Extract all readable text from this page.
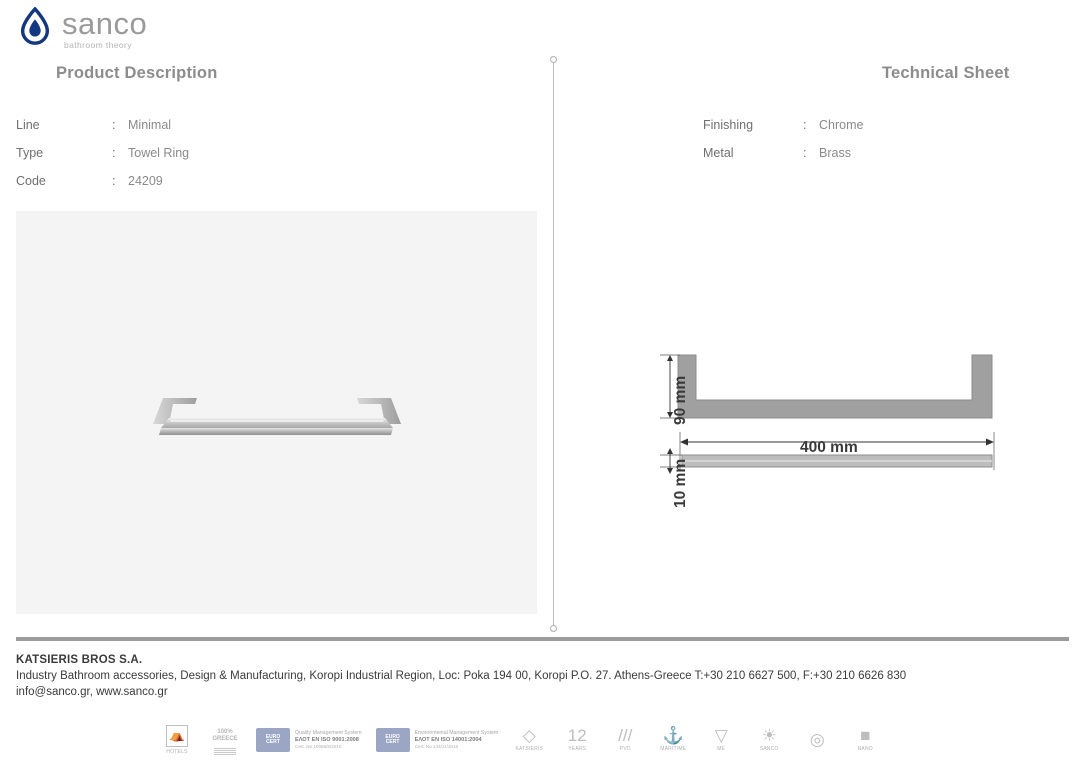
sanco
bathroom theory
Product Description	Technical Sheet
Line	:	Minimal
Type	:	Towel Ring
Code	:	24209
Finishing	:	Chrome
Metal	:	Brass
90 mm
10 mm
400 mm
KATSIERIS BROS S.A.
Industry Bathroom accessories, Design & Manufacturing, Koropi Industrial Region, Loc: Poka 194 00, Koropi P.O. 27. Athens-Greece T:+30 210 6627 500, F:+30 210 6626 830
info@sanco.gr, www.sanco.gr
⛺
HOTELS
100%
GREECE	EURO
CERT
Quality Management System
EΛΟΤ EN ISO 9001:2008
Cert. No 10086/6/2010
EURO
CERT
Environmental Management System
EΛΟΤ EN ISO 14001:2004
Cert. No 144/11/2010
◇
KATSIERIS
12
YEARS
///
PVD
⚓
MARITIME
▽
ME
☀
SANCO
◎ ■
NANO
